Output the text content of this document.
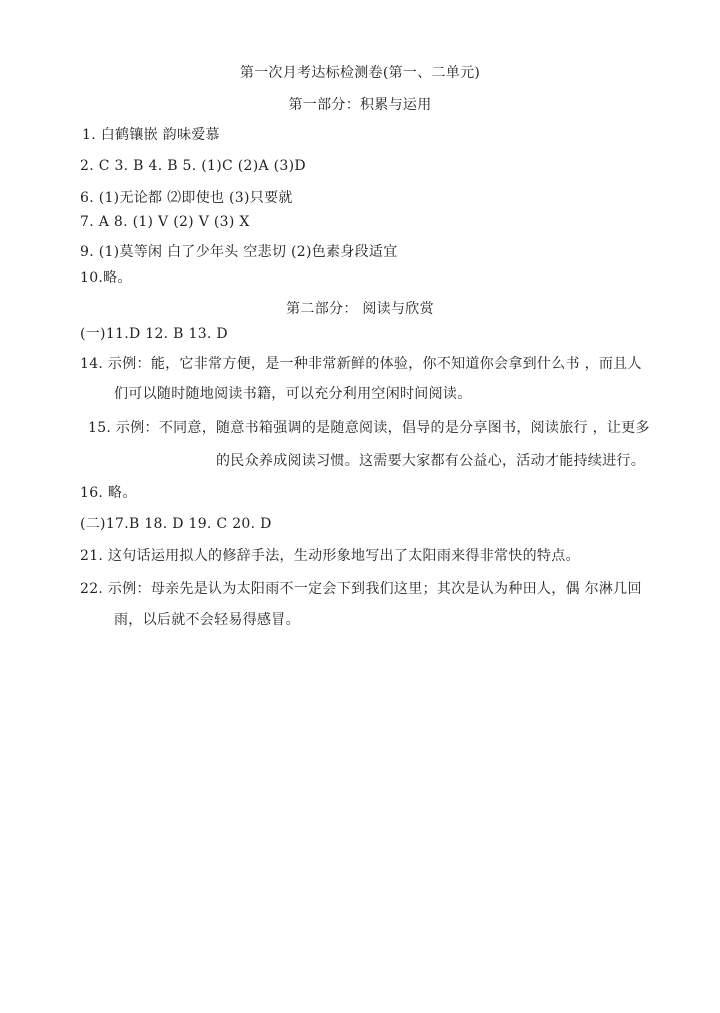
第一次月考达标检测卷(第一、二单元)
第一部分：积累与运用
1. 白鹤镶嵌 韵味爱慕
2. C 3. B 4. B 5. (1)C (2)A (3)D
6. (1)无论都 ⑵即使也 (3)只要就
7. A 8. (1) V (2) V (3) X
9. (1)莫等闲 白了少年头 空悲切 (2)色素身段适宜
10.略。
第二部分： 阅读与欣赏
(一)11.D 12. B 13. D
14. 示例：能，它非常方便，是一种非常新鲜的体验，你不知道你会拿到什么书 ，而且人
们可以随时随地阅读书籍，可以充分利用空闲时间阅读。
15. 示例：不同意，随意书箱强调的是随意阅读，倡导的是分享图书，阅读旅行 ，让更多
的民众养成阅读习惯。这需要大家都有公益心，活动才能持续进行。
16. 略。
(二)17.B 18. D 19. C 20. D
21. 这句话运用拟人的修辞手法，生动形象地写出了太阳雨来得非常快的特点。
22. 示例：母亲先是认为太阳雨不一定会下到我们这里；其次是认为种田人，偶 尔淋几回
雨，以后就不会轻易得感冒。
